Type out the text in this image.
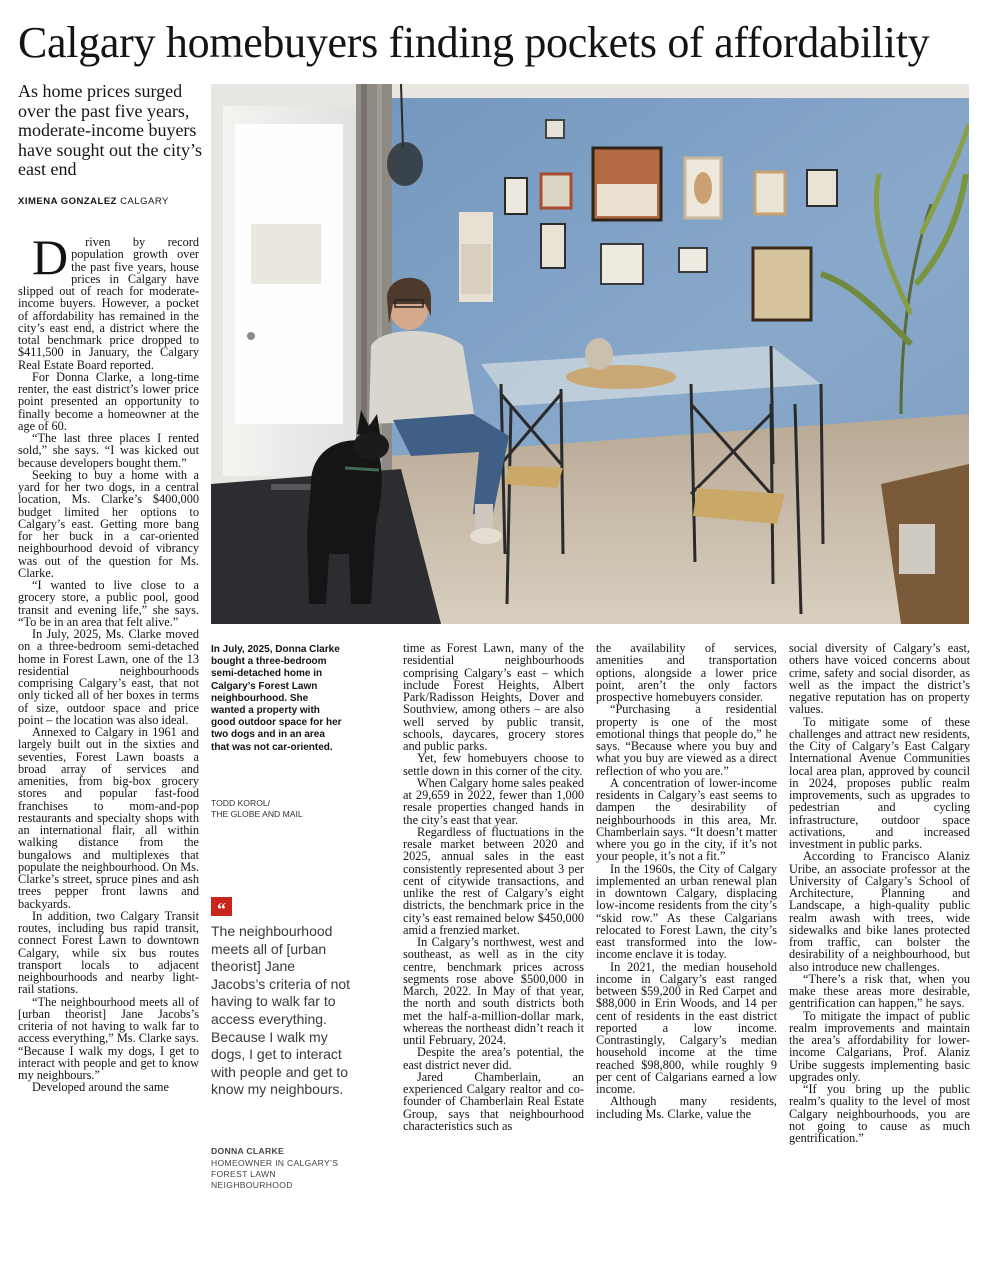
Calgary homebuyers finding pockets of affordability

As home prices surged over the past five years, moderate-income buyers have sought out the city’s east end

XIMENA GONZALEZ CALGARY

Driven by record population growth over the past five years, house prices in Calgary have slipped out of reach for moderate-income buyers. However, a pocket of affordability has remained in the city’s east end, a district where the total benchmark price dropped to $411,500 in January, the Calgary Real Estate Board reported.

For Donna Clarke, a long-time renter, the east district’s lower price point presented an opportunity to finally become a homeowner at the age of 60.

“The last three places I rented sold,” she says. “I was kicked out because developers bought them.”

Seeking to buy a home with a yard for her two dogs, in a central location, Ms. Clarke’s $400,000 budget limited her options to Calgary’s east. Getting more bang for her buck in a car-oriented neighbourhood devoid of vibrancy was out of the question for Ms. Clarke.

“I wanted to live close to a grocery store, a public pool, good transit and evening life,” she says. “To be in an area that felt alive.”

In July, 2025, Ms. Clarke moved on a three-bedroom semi-detached home in Forest Lawn, one of the 13 residential neighbourhoods comprising Calgary’s east, that not only ticked all of her boxes in terms of size, outdoor space and price point – the location was also ideal.

Annexed to Calgary in 1961 and largely built out in the sixties and seventies, Forest Lawn boasts a broad array of services and amenities, from big-box grocery stores and popular fast-food franchises to mom-and-pop restaurants and specialty shops with an international flair, all within walking distance from the bungalows and multiplexes that populate the neighbourhood. On Ms. Clarke’s street, spruce pines and ash trees pepper front lawns and backyards.

In addition, two Calgary Transit routes, including bus rapid transit, connect Forest Lawn to downtown Calgary, while six bus routes transport locals to adjacent neighbourhoods and nearby light-rail stations.

“The neighbourhood meets all of [urban theorist] Jane Jacobs’s criteria of not having to walk far to access everything,” Ms. Clarke says. “Because I walk my dogs, I get to interact with people and get to know my neighbours.”

Developed around the same

time as Forest Lawn, many of the residential neighbourhoods comprising Calgary’s east – which include Forest Heights, Albert Park/Radisson Heights, Dover and Southview, among others – are also well served by public transit, schools, daycares, grocery stores and public parks.

Yet, few homebuyers choose to settle down in this corner of the city.

When Calgary home sales peaked at 29,659 in 2022, fewer than 1,000 resale properties changed hands in the city’s east that year.

Regardless of fluctuations in the resale market between 2020 and 2025, annual sales in the east consistently represented about 3 per cent of citywide transactions, and unlike the rest of Calgary’s eight districts, the benchmark price in the city’s east remained below $450,000 amid a frenzied market.

In Calgary’s northwest, west and southeast, as well as in the city centre, benchmark prices across segments rose above $500,000 in March, 2022. In May of that year, the north and south districts both met the half-a-million-dollar mark, whereas the northeast didn’t reach it until February, 2024.

Despite the area’s potential, the east district never did.

Jared Chamberlain, an experienced Calgary realtor and co-founder of Chamberlain Real Estate Group, says that neighbourhood characteristics such as

the availability of services, amenities and transportation options, alongside a lower price point, aren’t the only factors prospective homebuyers consider.

“Purchasing a residential property is one of the most emotional things that people do,” he says. “Because where you buy and what you buy are viewed as a direct reflection of who you are.”

A concentration of lower-income residents in Calgary’s east seems to dampen the desirability of neighbourhoods in this area, Mr. Chamberlain says. “It doesn’t matter where you go in the city, if it’s not your people, it’s not a fit.”

In the 1960s, the City of Calgary implemented an urban renewal plan in downtown Calgary, displacing low-income residents from the city’s “skid row.” As these Calgarians relocated to Forest Lawn, the city’s east transformed into the low-income enclave it is today.

In 2021, the median household income in Calgary’s east ranged between $59,200 in Red Carpet and $88,000 in Erin Woods, and 14 per cent of residents in the east district reported a low income. Contrastingly, Calgary’s median household income at the time reached $98,800, while roughly 9 per cent of Calgarians earned a low income.

Although many residents, including Ms. Clarke, value the

social diversity of Calgary’s east, others have voiced concerns about crime, safety and social disorder, as well as the impact the district’s negative reputation has on property values.

To mitigate some of these challenges and attract new residents, the City of Calgary’s East Calgary International Avenue Communities local area plan, approved by council in 2024, proposes public realm improvements, such as upgrades to pedestrian and cycling infrastructure, outdoor space activations, and increased investment in public parks.

According to Francisco Alaniz Uribe, an associate professor at the University of Calgary’s School of Architecture, Planning and Landscape, a high-quality public realm awash with trees, wide sidewalks and bike lanes protected from traffic, can bolster the desirability of a neighbourhood, but also introduce new challenges.

“There’s a risk that, when you make these areas more desirable, gentrification can happen,” he says.

To mitigate the impact of public realm improvements and maintain the area’s affordability for lower-income Calgarians, Prof. Alaniz Uribe suggests implementing basic upgrades only.

“If you bring up the public realm’s quality to the level of most Calgary neighbourhoods, you are not going to cause as much gentrification.”

In July, 2025, Donna Clarke bought a three-bedroom semi-detached home in Calgary’s Forest Lawn neighbourhood. She wanted a property with good outdoor space for her two dogs and in an area that was not car-oriented.
TODD KOROL/
THE GLOBE AND MAIL
“
The neighbourhood meets all of [urban theorist] Jane Jacobs’s criteria of not having to walk far to access everything. Because I walk my dogs, I get to interact with people and get to know my neighbours.
DONNA CLARKE
HOMEOWNER IN CALGARY’S FOREST LAWN NEIGHBOURHOOD
